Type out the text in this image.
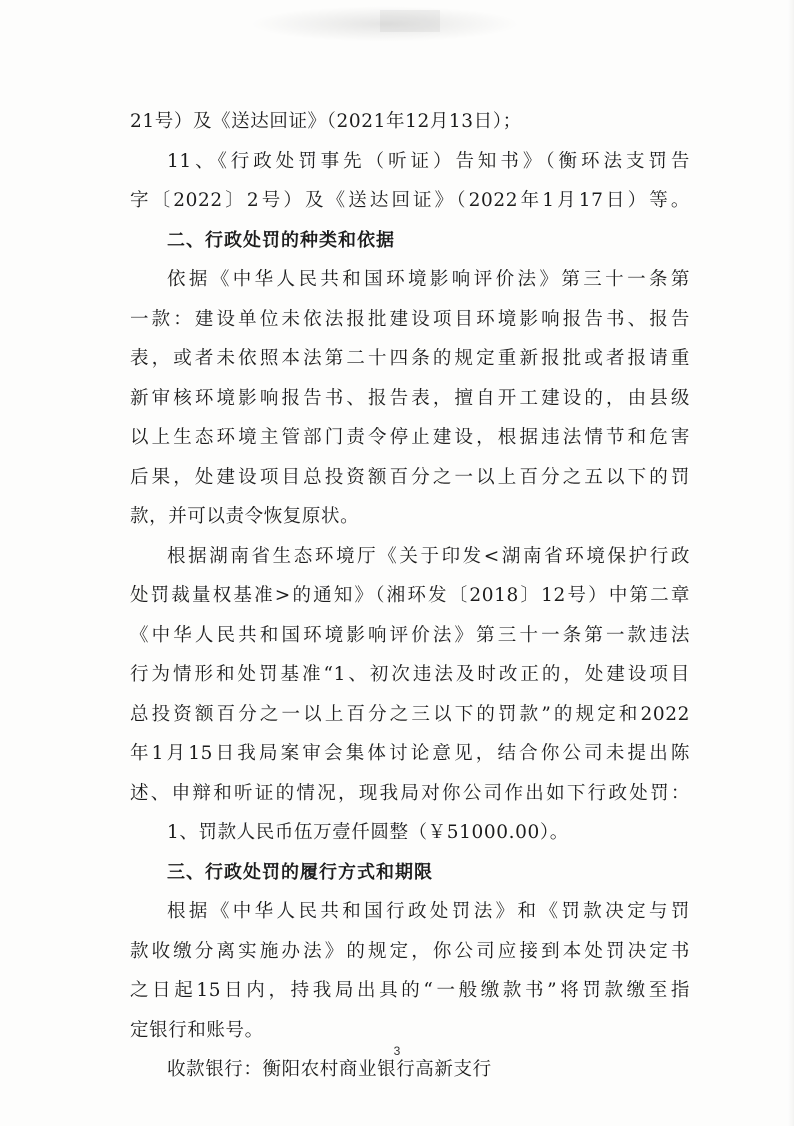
21号）及《送达回证》（2021年12月13日）；
11、《行政处罚事先（听证）告知书》（衡环法支罚告
字〔2022〕2号）及《送达回证》（2022年1月17日）等。
二、行政处罚的种类和依据
依据《中华人民共和国环境影响评价法》第三十一条第
一款：建设单位未依法报批建设项目环境影响报告书、报告
表，或者未依照本法第二十四条的规定重新报批或者报请重
新审核环境影响报告书、报告表，擅自开工建设的，由县级
以上生态环境主管部门责令停止建设，根据违法情节和危害
后果，处建设项目总投资额百分之一以上百分之五以下的罚
款，并可以责令恢复原状。
根据湖南省生态环境厅《关于印发<湖南省环境保护行政
处罚裁量权基准>的通知》（湘环发〔2018〕12号）中第二章
《中华人民共和国环境影响评价法》第三十一条第一款违法
行为情形和处罚基准“1、初次违法及时改正的，处建设项目
总投资额百分之一以上百分之三以下的罚款”的规定和2022
年1月15日我局案审会集体讨论意见，结合你公司未提出陈
述、申辩和听证的情况，现我局对你公司作出如下行政处罚：
1、罚款人民币伍万壹仟圆整（￥51000.00）。
三、行政处罚的履行方式和期限
根据《中华人民共和国行政处罚法》和《罚款决定与罚
款收缴分离实施办法》的规定，你公司应接到本处罚决定书
之日起15日内，持我局出具的“一般缴款书”将罚款缴至指
定银行和账号。
收款银行：衡阳农村商业银行高新支行
3
